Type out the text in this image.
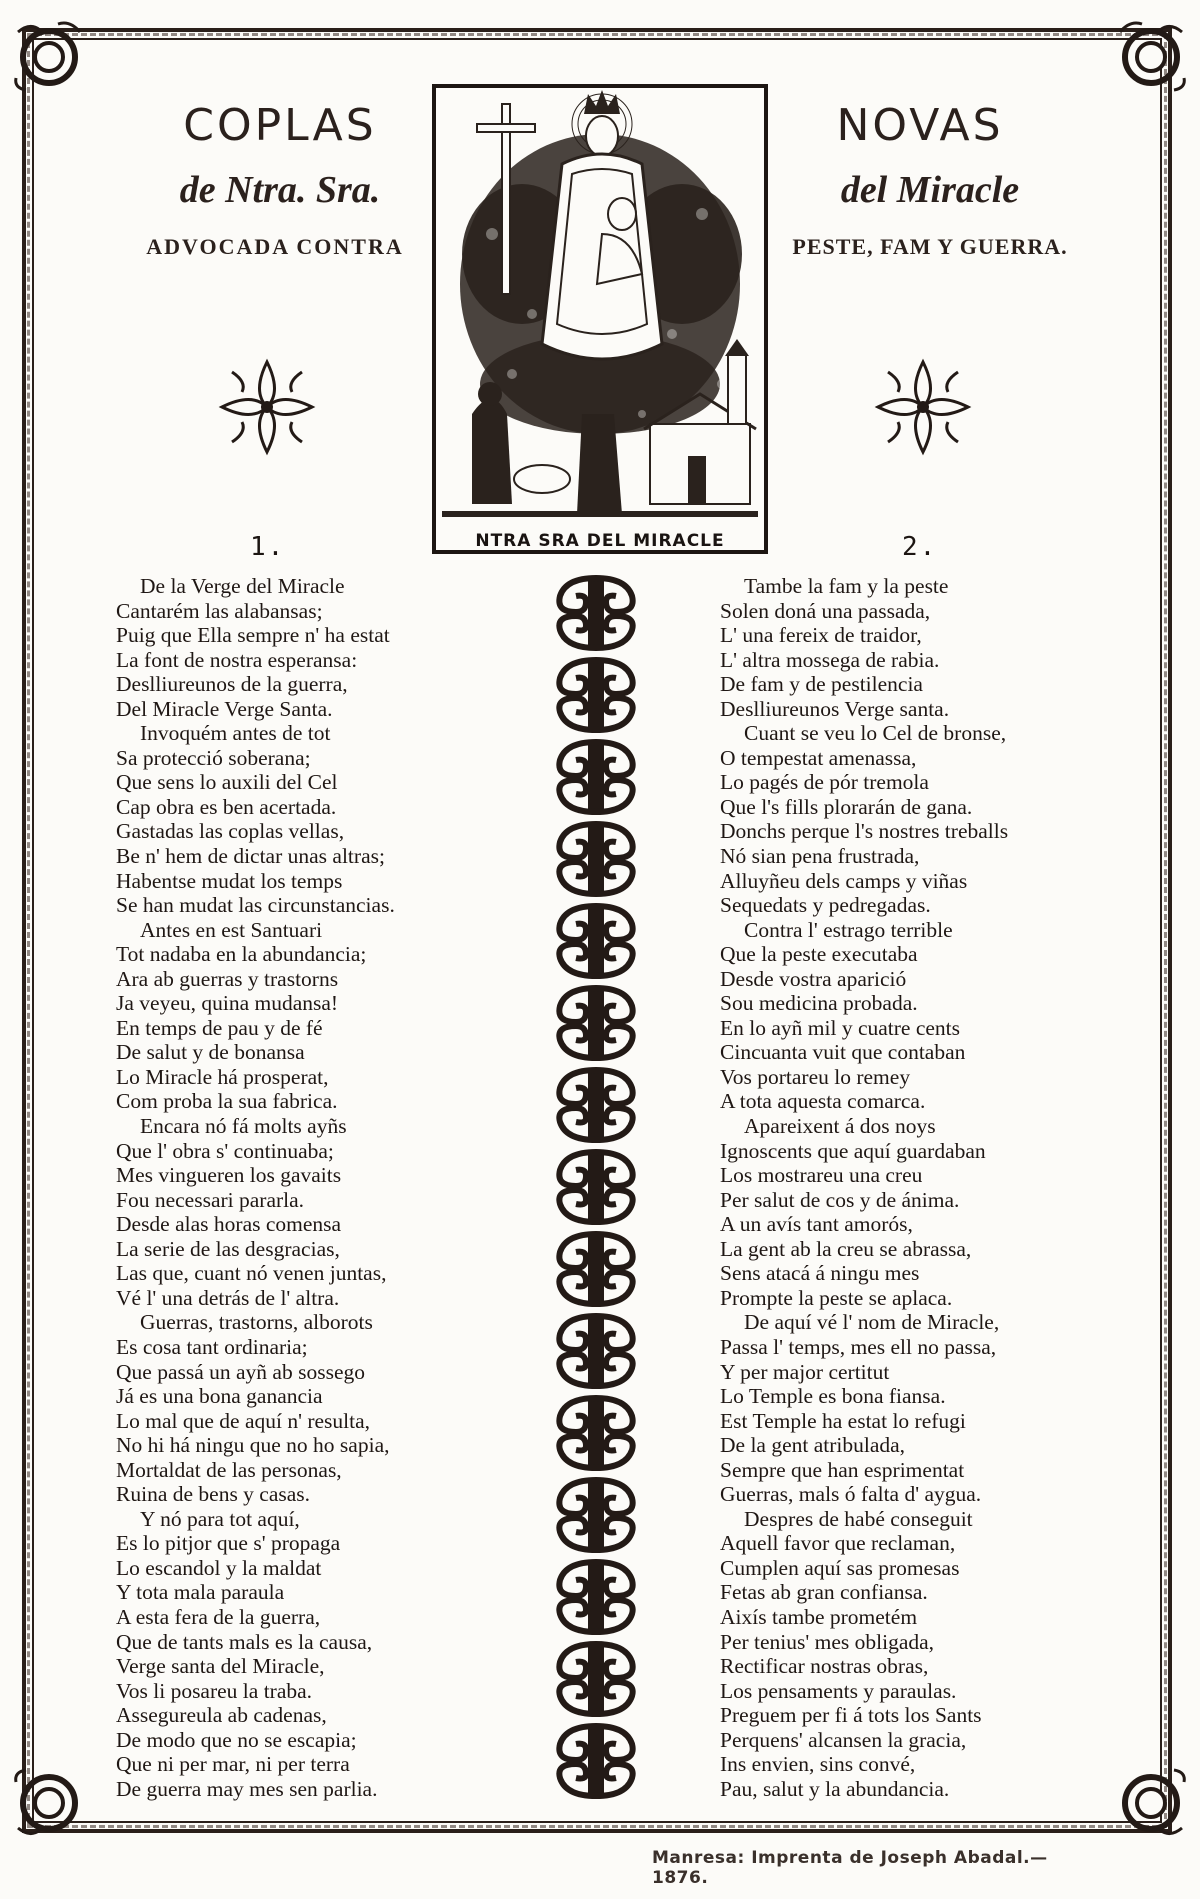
COPLAS	NOVAS
de Ntra. Sra.	del Miracle
ADVOCADA CONTRA	PESTE, FAM Y GUERRA.
NTRA SRA DEL MIRACLE
1.	2.
De la Verge del Miracle
Cantarém las alabansas;
Puig que Ella sempre n' ha estat
La font de nostra esperansa:
Deslliureunos de la guerra,
Del Miracle Verge Santa.
Invoquém antes de tot
Sa protecció soberana;
Que sens lo auxili del Cel
Cap obra es ben acertada.
Gastadas las coplas vellas,
Be n' hem de dictar unas altras;
Habentse mudat los temps
Se han mudat las circunstancias.
Antes en est Santuari
Tot nadaba en la abundancia;
Ara ab guerras y trastorns
Ja veyeu, quina mudansa!
En temps de pau y de fé
De salut y de bonansa
Lo Miracle há prosperat,
Com proba la sua fabrica.
Encara nó fá molts ayñs
Que l' obra s' continuaba;
Mes vingueren los gavaits
Fou necessari pararla.
Desde alas horas comensa
La serie de las desgracias,
Las que, cuant nó venen juntas,
Vé l' una detrás de l' altra.
Guerras, trastorns, alborots
Es cosa tant ordinaria;
Que passá un ayñ ab sossego
Já es una bona ganancia
Lo mal que de aquí n' resulta,
No hi há ningu que no ho sapia,
Mortaldat de las personas,
Ruina de bens y casas.
Y nó para tot aquí,
Es lo pitjor que s' propaga
Lo escandol y la maldat
Y tota mala paraula
A esta fera de la guerra,
Que de tants mals es la causa,
Verge santa del Miracle,
Vos li posareu la traba.
Assegureula ab cadenas,
De modo que no se escapia;
Que ni per mar, ni per terra
De guerra may mes sen parlia.
Tambe la fam y la peste
Solen doná una passada,
L' una fereix de traidor,
L' altra mossega de rabia.
De fam y de pestilencia
Deslliureunos Verge santa.
Cuant se veu lo Cel de bronse,
O tempestat amenassa,
Lo pagés de pór tremola
Que l's fills plorarán de gana.
Donchs perque l's nostres treballs
Nó sian pena frustrada,
Alluyñeu dels camps y viñas
Sequedats y pedregadas.
Contra l' estrago terrible
Que la peste executaba
Desde vostra aparició
Sou medicina probada.
En lo ayñ mil y cuatre cents
Cincuanta vuit que contaban
Vos portareu lo remey
A tota aquesta comarca.
Apareixent á dos noys
Ignoscents que aquí guardaban
Los mostrareu una creu
Per salut de cos y de ánima.
A un avís tant amorós,
La gent ab la creu se abrassa,
Sens atacá á ningu mes
Prompte la peste se aplaca.
De aquí vé l' nom de Miracle,
Passa l' temps, mes ell no passa,
Y per major certitut
Lo Temple es bona fiansa.
Est Temple ha estat lo refugi
De la gent atribulada,
Sempre que han esprimentat
Guerras, mals ó falta d' aygua.
Despres de habé conseguit
Aquell favor que reclaman,
Cumplen aquí sas promesas
Fetas ab gran confiansa.
Aixís tambe prometém
Per tenius' mes obligada,
Rectificar nostras obras,
Los pensaments y paraulas.
Preguem per fi á tots los Sants
Perquens' alcansen la gracia,
Ins envien, sins convé,
Pau, salut y la abundancia.
Manresa: Imprenta de Joseph Abadal.—1876.
